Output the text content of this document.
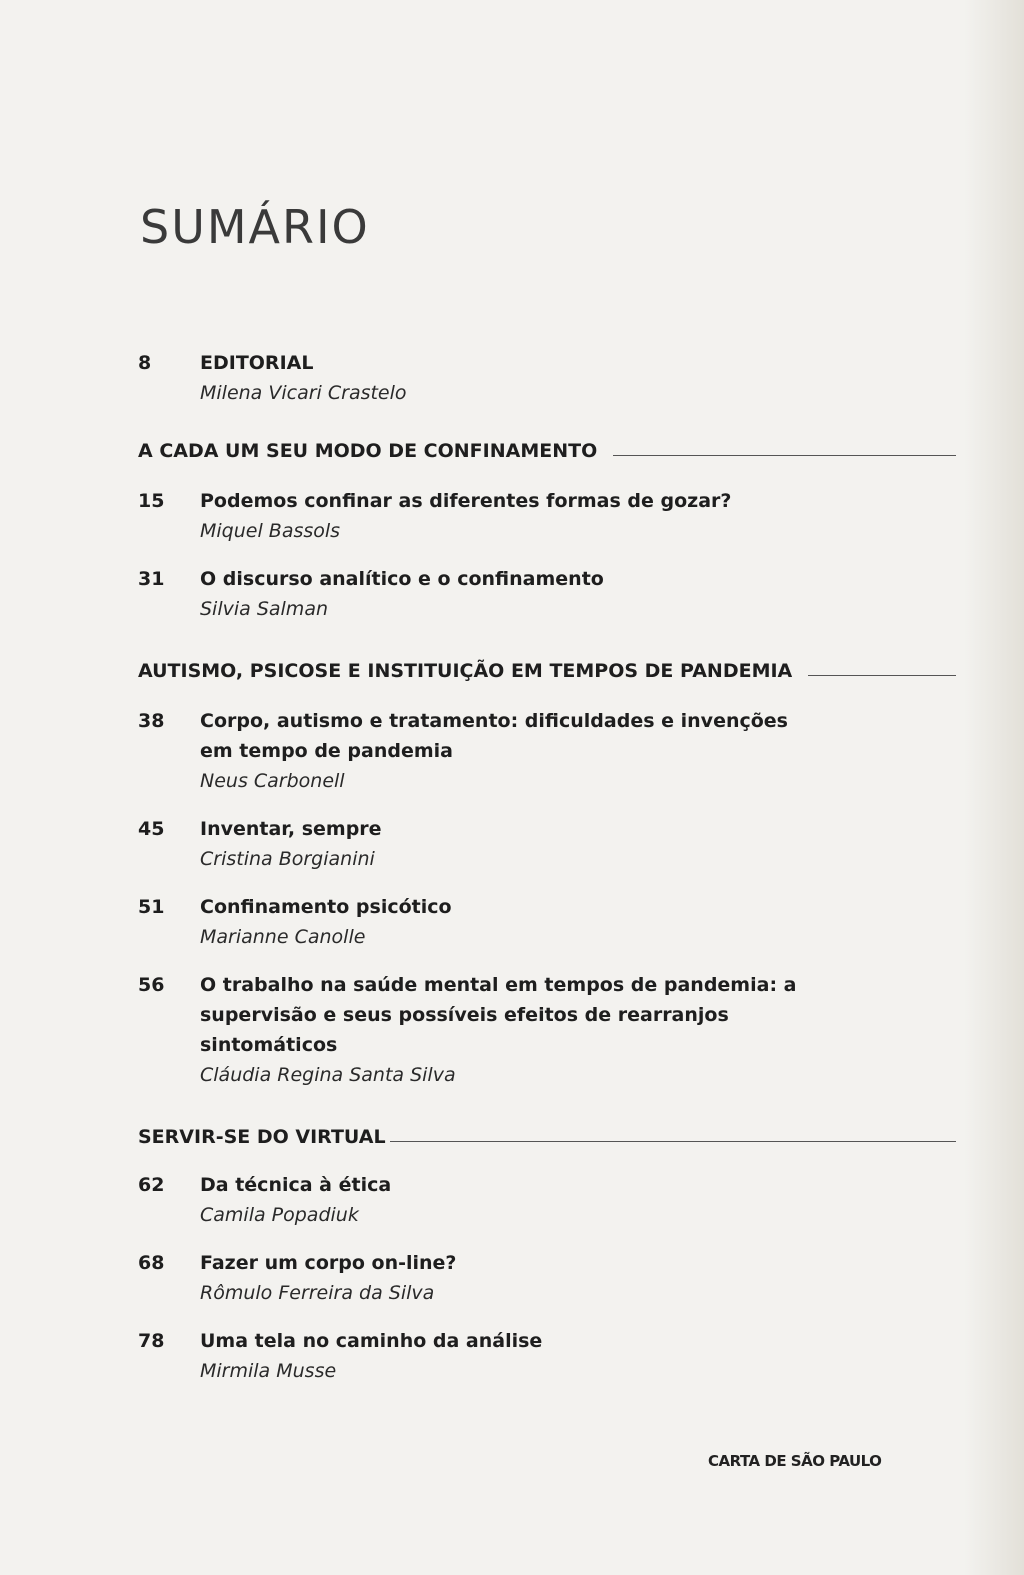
SUMÁRIO
8	EDITORIAL
Milena Vicari Crastelo
A CADA UM SEU MODO DE CONFINAMENTO
15	Podemos confinar as diferentes formas de gozar?
Miquel Bassols
31	O discurso analítico e o confinamento
Silvia Salman
AUTISMO, PSICOSE E INSTITUIÇÃO EM TEMPOS DE PANDEMIA
38	Corpo, autismo e tratamento: dificuldades e invenções em tempo de pandemia
Neus Carbonell
45	Inventar, sempre
Cristina Borgianini
51	Confinamento psicótico
Marianne Canolle
56	O trabalho na saúde mental em tempos de pandemia: a supervisão e seus possíveis efeitos de rearranjos sintomáticos
Cláudia Regina Santa Silva
SERVIR-SE DO VIRTUAL
62	Da técnica à ética
Camila Popadiuk
68	Fazer um corpo on-line?
Rômulo Ferreira da Silva
78	Uma tela no caminho da análise
Mirmila Musse
CARTA DE SÃO PAULO
